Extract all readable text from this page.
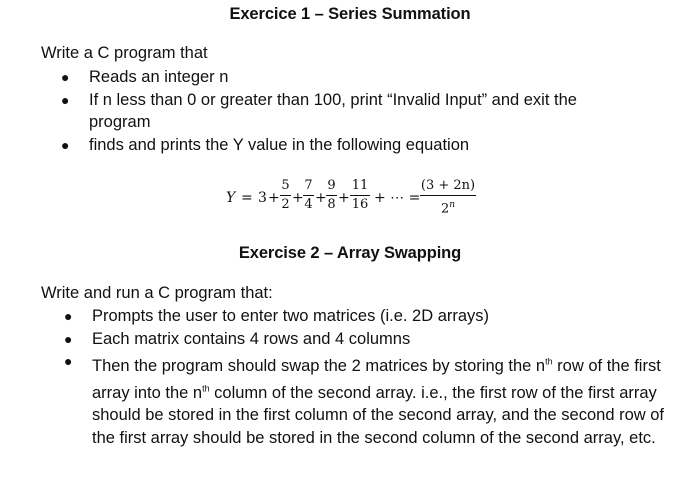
Exercice 1 – Series Summation
Write a C program that
● Reads an integer n
● If n less than 0 or greater than 100, print “Invalid Input” and exit the program
● finds and prints the Y value in the following equation
Y = 3 +
5
2 +
7
4 +
9
8 +
11
16 + ⋯ =
(3 + 2n)
2$^n$
Exercise 2 – Array Swapping
Write and run a C program that:
● Prompts the user to enter two matrices (i.e. 2D arrays)
● Each matrix contains 4 rows and 4 columns
● Then the program should swap the 2 matrices by storing the $n^{th}$ row of the first array into the $n^{th}$ column of the second array. i.e., the first row of the first array should be stored in the first column of the second array, and the second row of the first array should be stored in the second column of the second array, etc.
